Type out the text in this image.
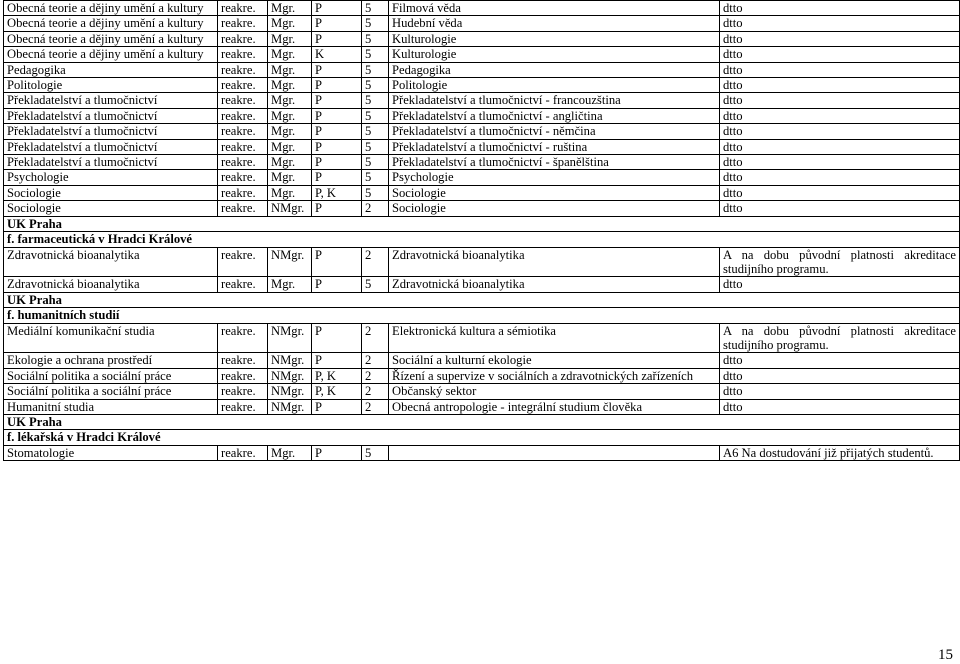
Obecná teorie a dějiny umění a kultury	reakre.	Mgr.	P	5	Filmová věda	dtto
Obecná teorie a dějiny umění a kultury	reakre.	Mgr.	P	5	Hudební věda	dtto
Obecná teorie a dějiny umění a kultury	reakre.	Mgr.	P	5	Kulturologie	dtto
Obecná teorie a dějiny umění a kultury	reakre.	Mgr.	K	5	Kulturologie	dtto
Pedagogika	reakre.	Mgr.	P	5	Pedagogika	dtto
Politologie	reakre.	Mgr.	P	5	Politologie	dtto
Překladatelství a tlumočnictví	reakre.	Mgr.	P	5	Překladatelství a tlumočnictví - francouzština	dtto
Překladatelství a tlumočnictví	reakre.	Mgr.	P	5	Překladatelství a tlumočnictví - angličtina	dtto
Překladatelství a tlumočnictví	reakre.	Mgr.	P	5	Překladatelství a tlumočnictví - němčina	dtto
Překladatelství a tlumočnictví	reakre.	Mgr.	P	5	Překladatelství a tlumočnictví - ruština	dtto
Překladatelství a tlumočnictví	reakre.	Mgr.	P	5	Překladatelství a tlumočnictví - španělština	dtto
Psychologie	reakre.	Mgr.	P	5	Psychologie	dtto
Sociologie	reakre.	Mgr.	P, K	5	Sociologie	dtto
Sociologie	reakre.	NMgr.	P	2	Sociologie	dtto
UK Praha						
f. farmaceutická v Hradci Králové						
Zdravotnická bioanalytika	reakre.	NMgr.	P	2	Zdravotnická bioanalytika	A na dobu původní platnosti akreditace studijního programu.
Zdravotnická bioanalytika	reakre.	Mgr.	P	5	Zdravotnická bioanalytika	dtto
UK Praha						
f. humanitních studií						
Mediální komunikační studia	reakre.	NMgr.	P	2	Elektronická kultura a sémiotika	A na dobu původní platnosti akreditace studijního programu.
Ekologie a ochrana prostředí	reakre.	NMgr.	P	2	Sociální a kulturní ekologie	dtto
Sociální politika a sociální práce	reakre.	NMgr.	P, K	2	Řízení a supervize v sociálních a zdravotnických zařízeních	dtto
Sociální politika a sociální práce	reakre.	NMgr.	P, K	2	Občanský sektor	dtto
Humanitní studia	reakre.	NMgr.	P	2	Obecná antropologie - integrální studium člověka	dtto
UK Praha						
f. lékařská v Hradci Králové						
Stomatologie	reakre.	Mgr.	P	5		A6 Na dostudování již přijatých studentů.
15
